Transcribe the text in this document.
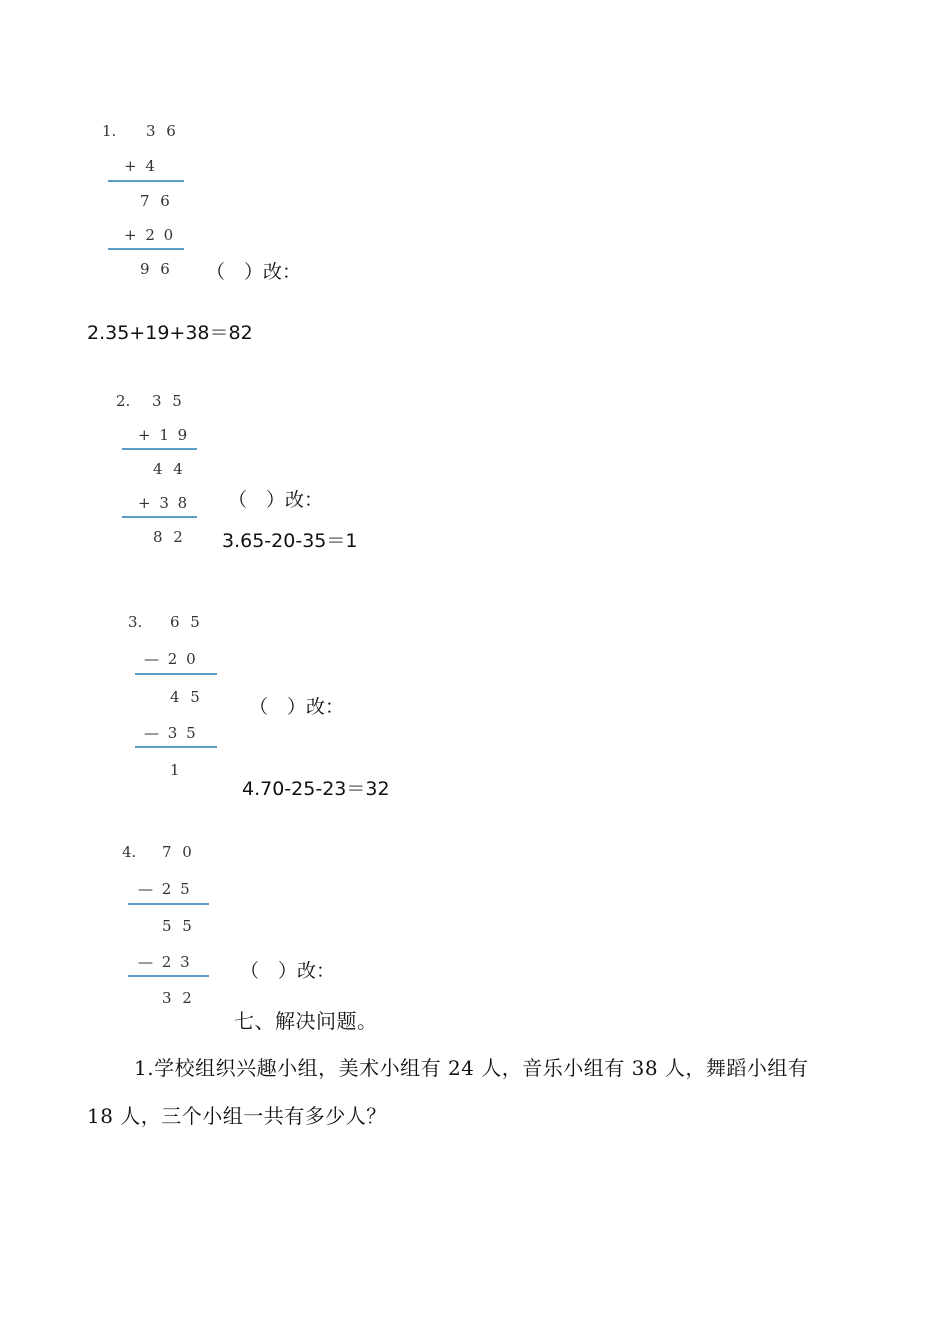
1. 3 6
+ 4
7 6
+ 2 0
9 6 （　）改：
2.35+19+38＝82
2. 3 5
+ 1 9
4 4
+ 3 8
8 2
（　）改：
3.65-20-35＝1
3. 6 5
— 2 0
4 5
— 3 5
1
（　）改：
4.70-25-23＝32
4. 7 0
— 2 5
5 5
— 2 3
3 2
（　）改：
七、解决问题。
1.学校组织兴趣小组，美术小组有 24 人，音乐小组有 38 人，舞蹈小组有
18 人，三个小组一共有多少人？
